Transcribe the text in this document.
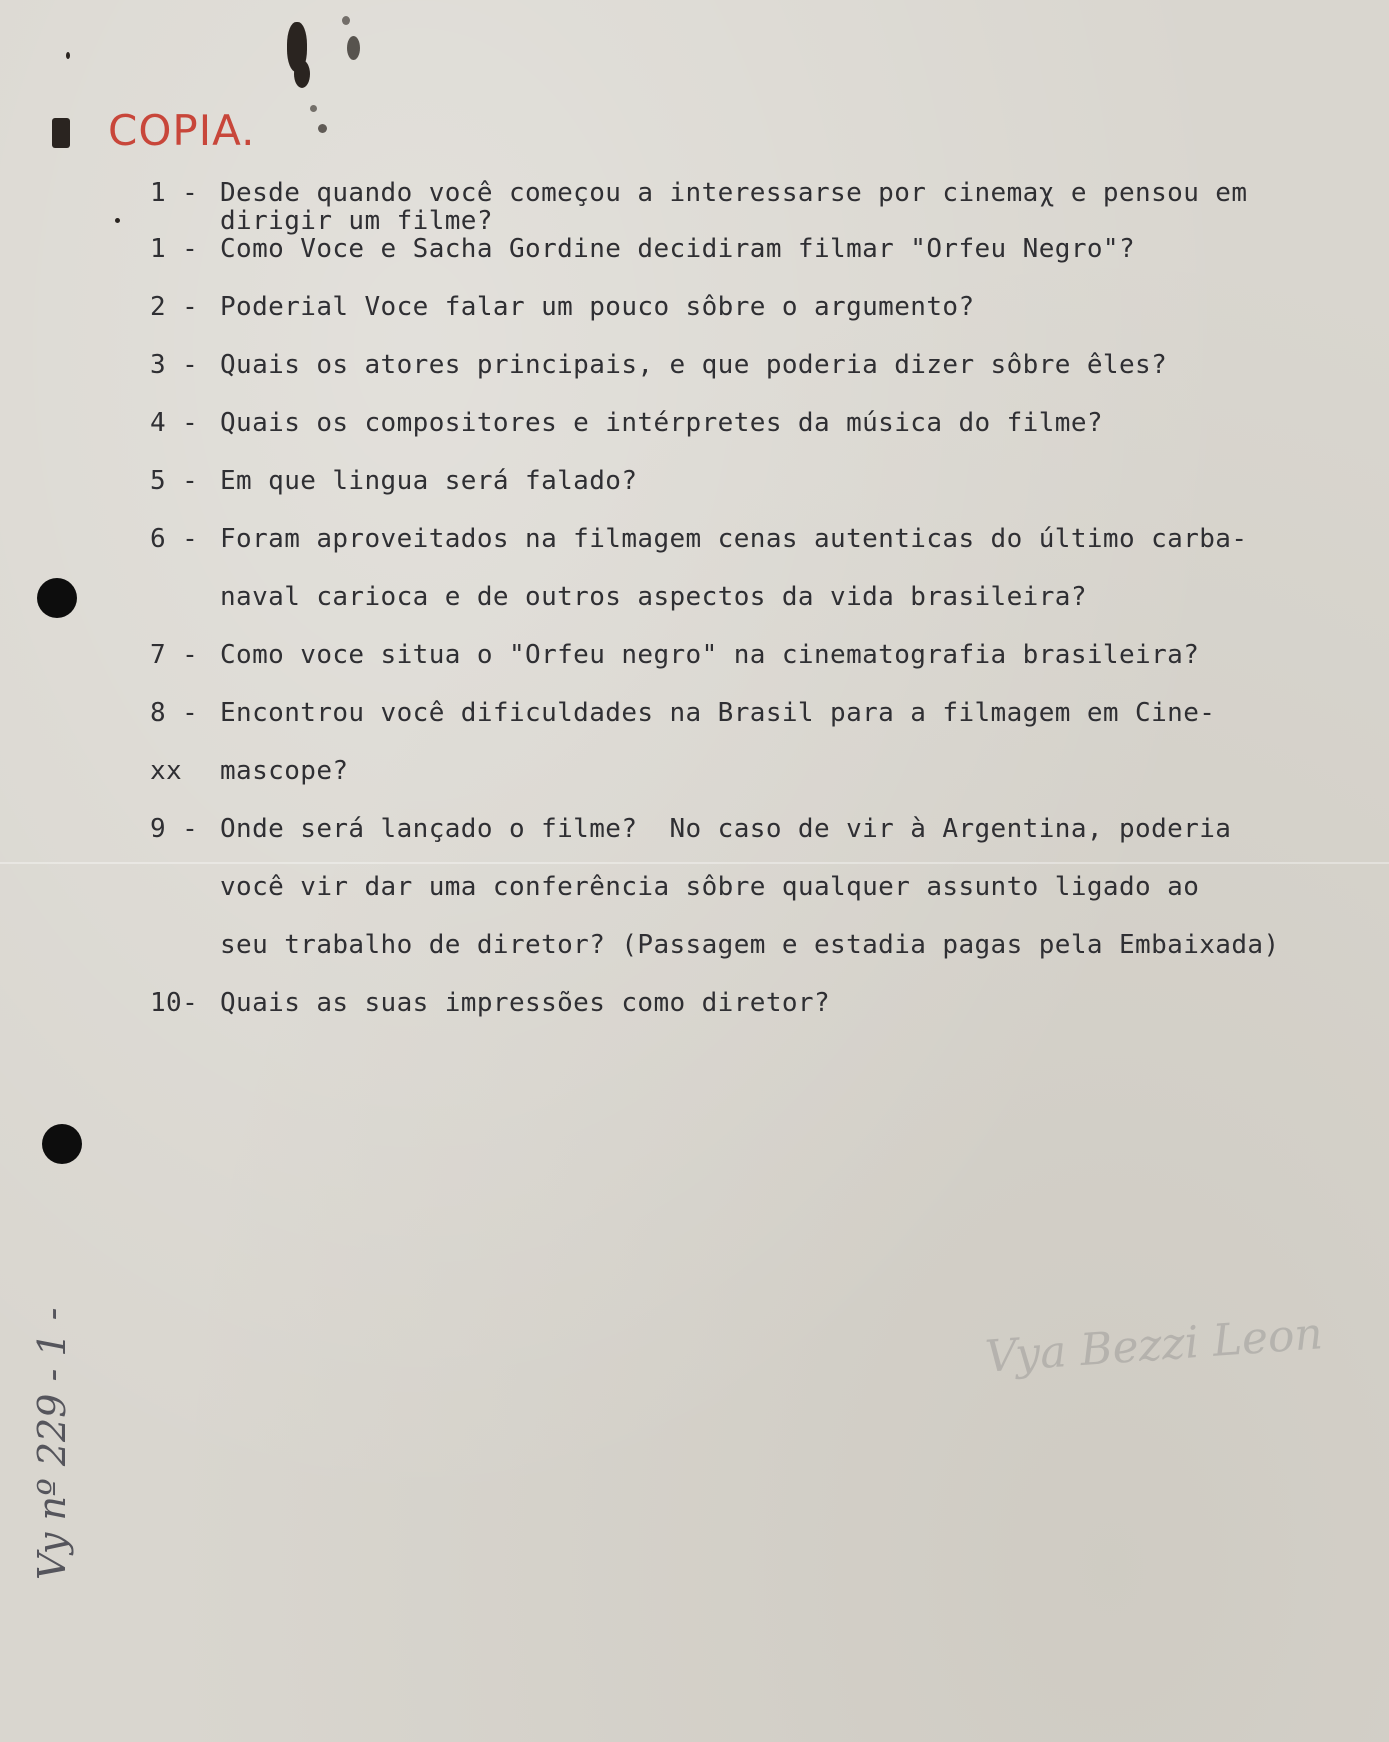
COPIA.
1 - Desde quando você começou a interessarse por cinemaχ e pensou em
dirigir um filme?
1 - Como Voce e Sacha Gordine decidiram filmar "Orfeu Negro"?
2 - Poderial Voce falar um pouco sôbre o argumento?
3 - Quais os atores principais, e que poderia dizer sôbre êles?
4 - Quais os compositores e intérpretes da música do filme?
5 - Em que lingua será falado?
6 - Foram aproveitados na filmagem cenas autenticas do último carba-
naval carioca e de outros aspectos da vida brasileira?
7 - Como voce situa o "Orfeu negro" na cinematografia brasileira?
8 - Encontrou você dificuldades na Brasil para a filmagem em Cine-
xx mascope?
9 - Onde será lançado o filme?  No caso de vir à Argentina, poderia
você vir dar uma conferência sôbre qualquer assunto ligado ao
seu trabalho de diretor? (Passagem e estadia pagas pela Embaixada)
10- Quais as suas impressões como diretor?
Vy nº 229 - 1 -	Vya Bezzi Leon
